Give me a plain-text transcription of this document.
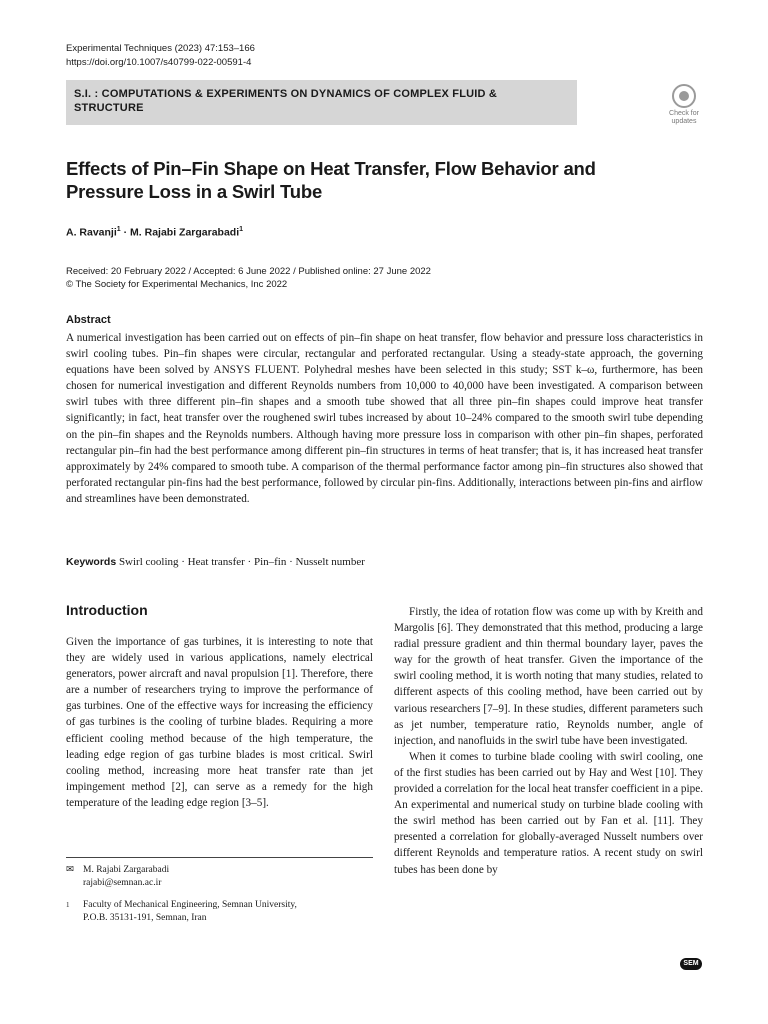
Experimental Techniques (2023) 47:153–166
https://doi.org/10.1007/s40799-022-00591-4
S.I. : COMPUTATIONS & EXPERIMENTS ON DYNAMICS OF COMPLEX FLUID & STRUCTURE	Check for updates
Effects of Pin–Fin Shape on Heat Transfer, Flow Behavior and Pressure Loss in a Swirl Tube
A. Ravanji$^1$ · M. Rajabi Zargarabadi$^1$
Received: 20 February 2022 / Accepted: 6 June 2022 / Published online: 27 June 2022
© The Society for Experimental Mechanics, Inc 2022
Abstract
A numerical investigation has been carried out on effects of pin–fin shape on heat transfer, flow behavior and pressure loss characteristics in swirl cooling tubes. Pin–fin shapes were circular, rectangular and perforated rectangular. Using a steady-state approach, the governing equations have been solved by ANSYS FLUENT. Polyhedral meshes have been selected in this study; SST k–ω, furthermore, has been chosen for numerical investigation and different Reynolds numbers from 10,000 to 40,000 have been investigated. A comparison between swirl tubes with three different pin–fin shapes and a smooth tube showed that all three pin–fin shapes could improve heat transfer significantly; in fact, heat transfer over the roughened swirl tubes increased by about 10–24% compared to the smooth swirl tube depending on the pin–fin shapes and the Reynolds numbers. Although having more pressure loss in comparison with other pin–fin shapes, perforated rectangular pin–fin had the best performance among different pin–fin structures in terms of heat transfer; that is, it has increased heat transfer approximately by 24% compared to smooth tube. A comparison of the thermal performance factor among pin–fin structures also showed that perforated rectangular pin-fins had the best performance, followed by circular pin-fins. Additionally, interactions between pin-fins and airflow and streamlines have been demonstrated.
Keywords Swirl cooling · Heat transfer · Pin–fin · Nusselt number
Introduction

Given the importance of gas turbines, it is interesting to note that they are widely used in various applications, namely electrical generators, power aircraft and naval propulsion [1]. Therefore, there are a number of researchers trying to improve the performance of gas turbines. One of the effective ways for increasing the efficiency of gas turbines is the cooling of turbine blades. Requiring a more efficient cooling method because of the high temperature, the leading edge region of gas turbine blades is most critical. Swirl cooling method, increasing more heat transfer rate than jet impingement method [2], can serve as a remedy for the high temperature of the leading edge region [3–5].

Firstly, the idea of rotation flow was come up with by Kreith and Margolis [6]. They demonstrated that this method, producing a large radial pressure gradient and thin thermal boundary layer, paves the way for the growth of heat transfer. Given the importance of the swirl cooling method, it is worth noting that many studies, related to different aspects of this cooling method, have been carried out by various researchers [7–9]. In these studies, different parameters such as jet number, temperature ratio, Reynolds number, angle of injection, and nanofluids in the swirl tube have been investigated.

When it comes to turbine blade cooling with swirl cooling, one of the first studies has been carried out by Hay and West [10]. They provided a correlation for the local heat transfer coefficient in a pipe. An experimental and numerical study on turbine blade cooling with the swirl method has been carried out by Fan et al. [11]. They presented a correlation for globally-averaged Nusselt numbers over different Reynolds and temperature ratios. A recent study on swirl tubes has been done by

✉ M. Rajabi Zargarabadi
rajabi@semnan.ac.ir
1 Faculty of Mechanical Engineering, Semnan University,
P.O.B. 35131-191, Semnan, Iran
SEM
